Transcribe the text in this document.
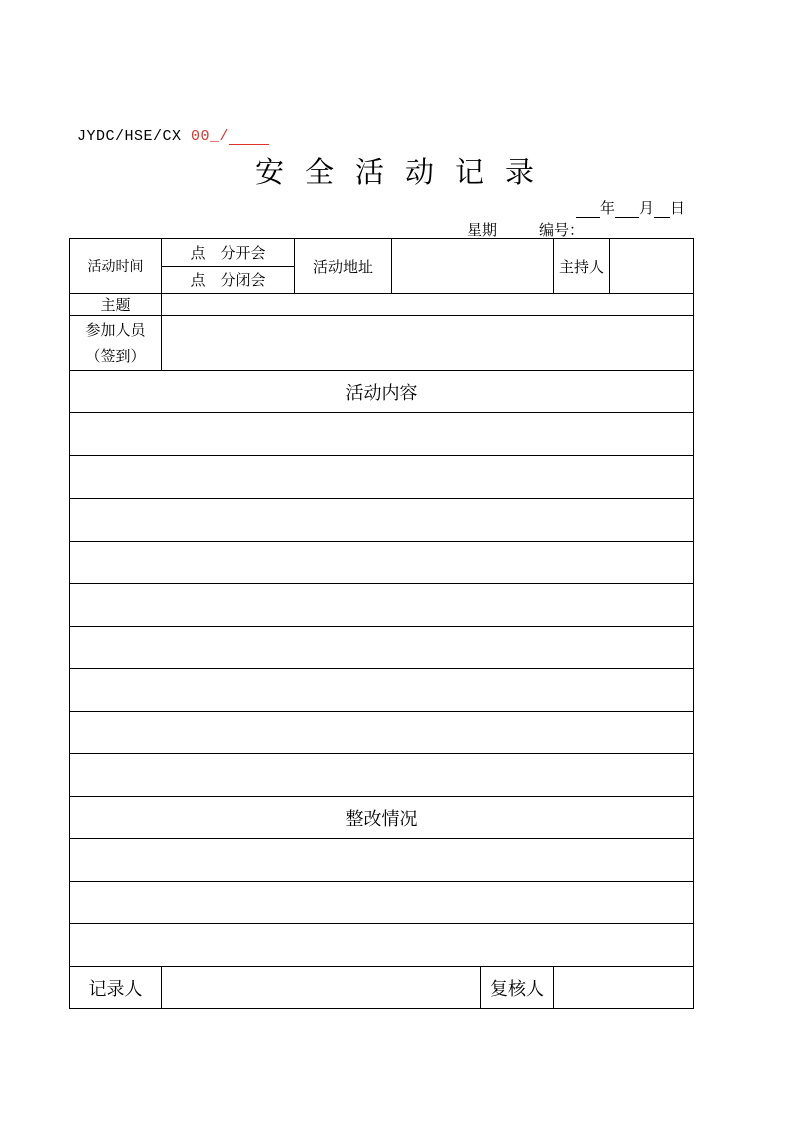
JYDC/HSE/CX 00_/
安全活动记录
年 月 日
星期	编号：
活动时间	点　分开会	活动地址			主持人	
	点　分闭会					
主题						

参加人员
（签到）						

活动内容						

整改情况						

记录人				复核人		
